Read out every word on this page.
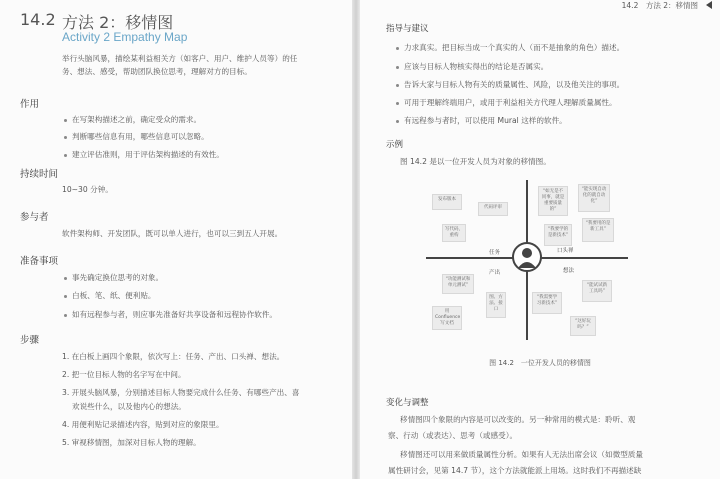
14.2 方法 2：移情图
Activity 2 Empathy Map
举行头脑风暴，描绘某利益相关方（如客户、用户、维护人员等）的任
务、想法、感受，帮助团队换位思考，理解对方的目标。
作用
在写架构描述之前，确定受众的需求。
判断哪些信息有用，哪些信息可以忽略。
建立评估准则，用于评估架构描述的有效性。
持续时间
10~30 分钟。
参与者
软件架构师、开发团队，既可以单人进行，也可以三到五人开展。
准备事项
事先确定换位思考的对象。
白板、笔、纸、便利贴。
如有远程参与者，则应事先准备好共享设备和远程协作软件。
步骤
1. 在白板上画四个象限，依次写上：任务、产出、口头禅、想法。
2. 把一位目标人物的名字写在中间。
3. 开展头脑风暴，分别描述目标人物要完成什么任务、有哪些产出、喜
欢说些什么，以及他内心的想法。
4. 用便利贴记录描述内容，贴到对应的象限里。
5. 审视移情图，加深对目标人物的理解。
14.2　方法 2：移情图
指导与建议
力求真实。把目标当成一个真实的人（而不是抽象的角色）描述。
应该与目标人物核实得出的结论是否属实。
告诉大家与目标人物有关的质量属性、风险，以及他关注的事项。
可用于理解终端用户，或用于利益相关方代理人理解质量属性。
有远程参与者时，可以使用 Mural 这样的软件。
示例
图 14.2 是以一位开发人员为对象的移情图。
图 14.2　一位开发人员的移情图
变化与调整
移情图四个象限的内容是可以改变的。另一种常用的模式是：聆听、观
察、行动（或表达）、思考（或感受）。
移情图还可以用来做质量属性分析。如果有人无法出席会议（如微型质量
属性研讨会，见第 14.7 节），这个方法就能派上用场。这时我们不再描述缺
发布版本
代码评审
写代码，重构
“如无是不同事，就是重要质量的”
“能实现自动化的就自动化”
“我要学的是新技术”
“我要用的是新工具”
“功能测试和单元测试”
图、方法、接口
用 Confluence 写文档
“我需要学习新技术”
“能试试新工具吗”
“这好玩吗？”
任务	口头禅
产出	想法
